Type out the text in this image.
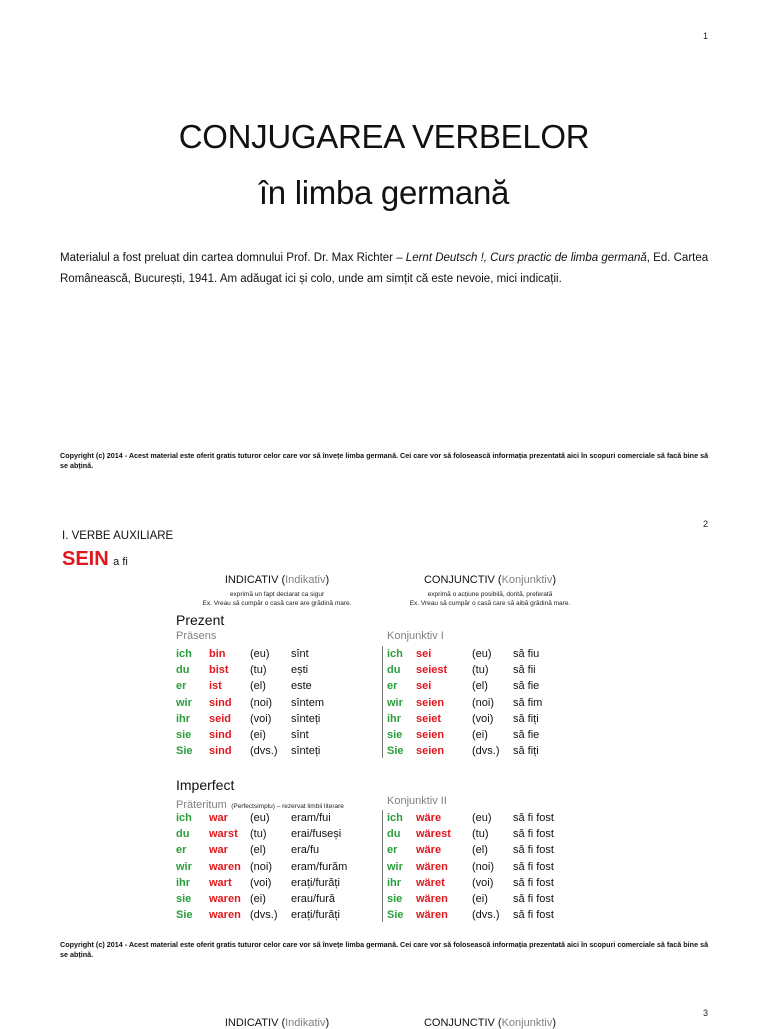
1
CONJUGAREA VERBELOR
în limba germană
Materialul a fost preluat din cartea domnului Prof. Dr. Max Richter – Lernt Deutsch !, Curs practic de limba germană, Ed. Cartea Românească, București, 1941. Am adăugat ici și colo, unde am simțit că este nevoie, mici indicații.
Copyright (c) 2014 - Acest material este oferit gratis tuturor celor care vor să învețe limba germană. Cei care vor să folosească informația prezentată aici în scopuri comerciale să facă bine să se abțină.
2
I. VERBE AUXILIARE
SEIN a fi
INDICATIV (Indikativ)
exprimă un fapt declarat ca sigur
Ex. Vreau să cumpăr o casă care are grădină mare.
CONJUNCTIV (Konjunktiv)
exprimă o acțiune posibilă, dorită, preferată
Ex. Vreau să cumpăr o casă care să aibă grădină mare.
Prezent
Präsens	Konjunktiv I
ich	bin	(eu)	sînt
du	bist	(tu)	ești
er	ist	(el)	este
wir	sind	(noi)	sîntem
ihr	seid	(voi)	sînteți
sie	sind	(ei)	sînt
Sie	sind	(dvs.)	sînteți
ich	sei	(eu)	să fiu
du	seiest	(tu)	să fii
er	sei	(el)	să fie
wir	seien	(noi)	să fim
ihr	seiet	(voi)	să fiți
sie	seien	(ei)	să fie
Sie	seien	(dvs.)	să fiți
Imperfect
Präteritum (Perfectsimplu) – rezervat limbii literare	Konjunktiv II
ich	war	(eu)	eram/fui
du	warst	(tu)	erai/fuseși
er	war	(el)	era/fu
wir	waren (noi)	eram/furăm
ihr	wart	(voi)	erați/furăți
sie	waren (ei)	erau/fură
Sie	waren (dvs.)	erați/furăți
ich	wäre	(eu)	să fi fost
du	wärest	(tu)	să fi fost
er	wäre	(el)	să fi fost
wir	wären	(noi)	să fi fost
ihr	wäret	(voi)	să fi fost
sie	wären	(ei)	să fi fost
Sie	wären	(dvs.)	să fi fost
Copyright (c) 2014 - Acest material este oferit gratis tuturor celor care vor să învețe limba germană. Cei care vor să folosească informația prezentată aici în scopuri comerciale să facă bine să se abțină.
3
INDICATIV (Indikativ)	CONJUNCTIV (Konjunktiv)
